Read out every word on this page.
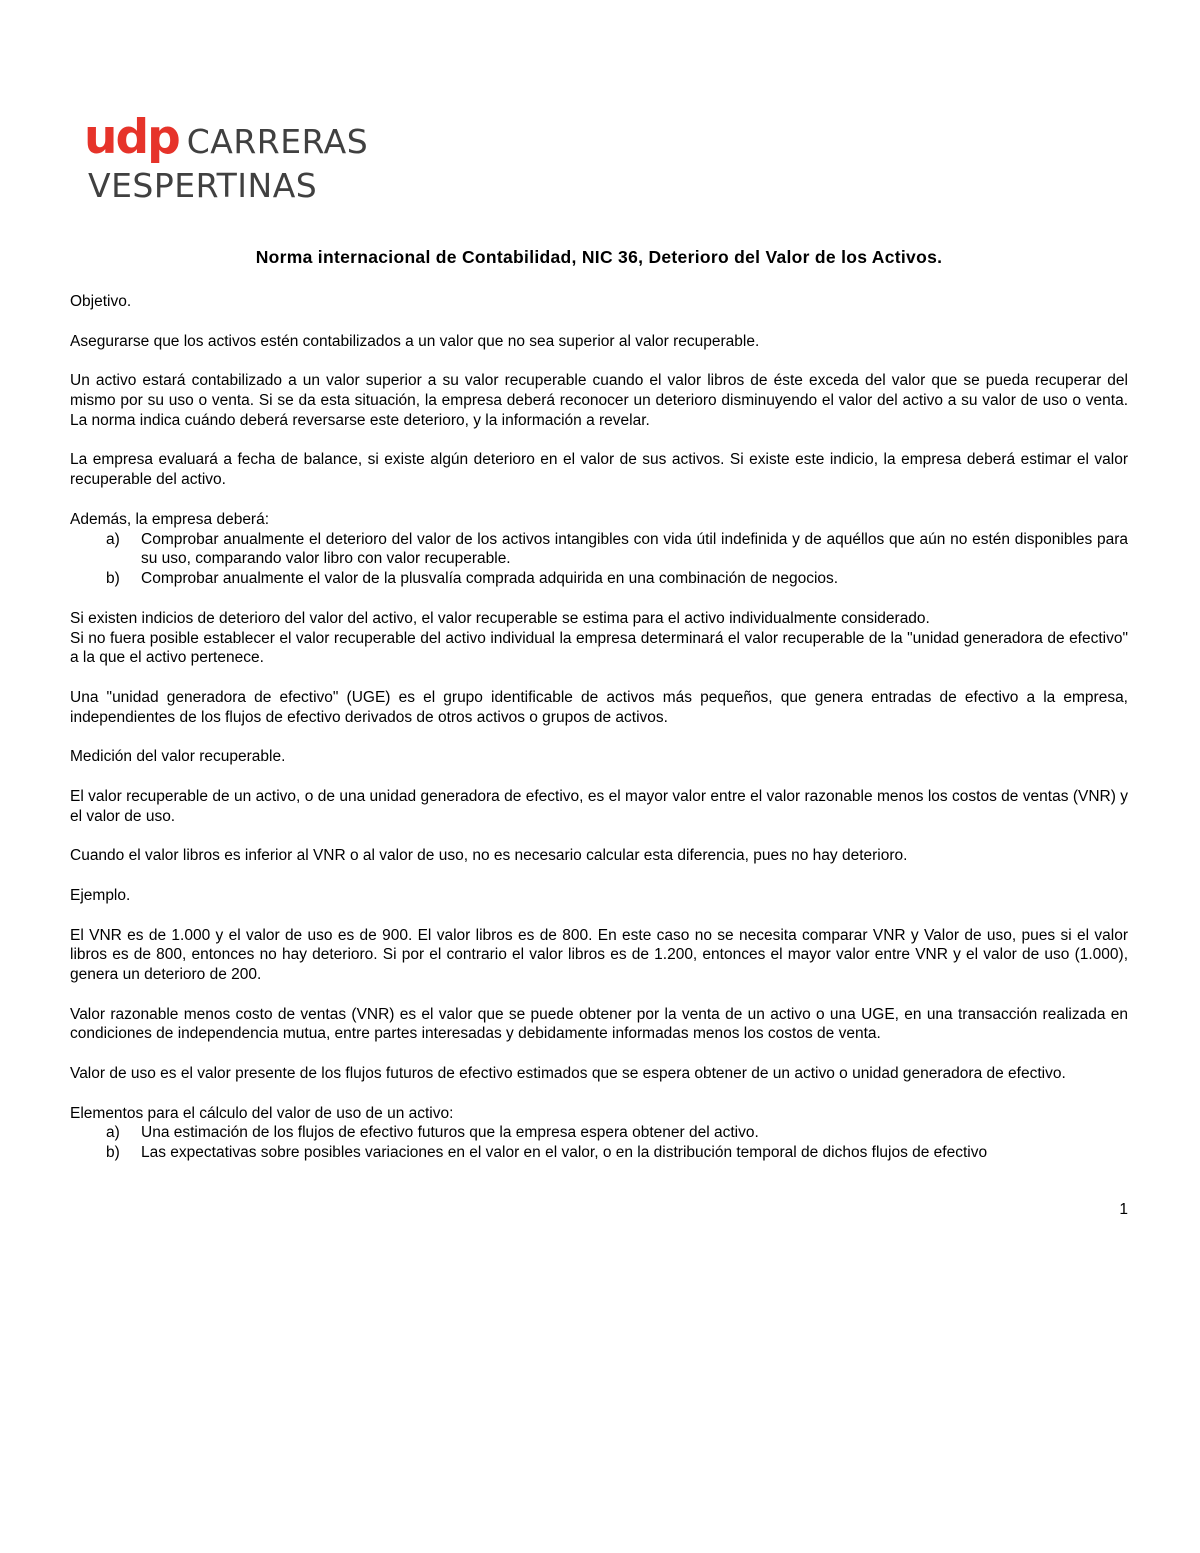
udp CARRERAS
VESPERTINAS
Norma internacional de Contabilidad, NIC 36, Deterioro del Valor de los Activos.

Objetivo.

Asegurarse que los activos estén contabilizados a un valor que no sea superior al valor recuperable.

Un activo estará contabilizado a un valor superior a su valor recuperable cuando el valor libros de éste exceda del valor que se pueda recuperar del mismo por su uso o venta. Si se da esta situación, la empresa deberá reconocer un deterioro disminuyendo el valor del activo a su valor de uso o venta. La norma indica cuándo deberá reversarse este deterioro, y la información a revelar.

La empresa evaluará a fecha de balance, si existe algún deterioro en el valor de sus activos. Si existe este indicio, la empresa deberá estimar el valor recuperable del activo.

Además, la empresa deberá:

a) Comprobar anualmente el deterioro del valor de los activos intangibles con vida útil indefinida y de aquéllos que aún no estén disponibles para su uso, comparando valor libro con valor recuperable.
b) Comprobar anualmente el valor de la plusvalía comprada adquirida en una combinación de negocios.

Si existen indicios de deterioro del valor del activo, el valor recuperable se estima para el activo individualmente considerado.

Si no fuera posible establecer el valor recuperable del activo individual la empresa determinará el valor recuperable de la "unidad generadora de efectivo" a la que el activo pertenece.

Una "unidad generadora de efectivo" (UGE) es el grupo identificable de activos más pequeños, que genera entradas de efectivo a la empresa, independientes de los flujos de efectivo derivados de otros activos o grupos de activos.

Medición del valor recuperable.

El valor recuperable de un activo, o de una unidad generadora de efectivo, es el mayor valor entre el valor razonable menos los costos de ventas (VNR) y el valor de uso.

Cuando el valor libros es inferior al VNR o al valor de uso, no es necesario calcular esta diferencia, pues no hay deterioro.

Ejemplo.

El VNR es de 1.000 y el valor de uso es de 900. El valor libros es de 800. En este caso no se necesita comparar VNR y Valor de uso, pues si el valor libros es de 800, entonces no hay deterioro. Si por el contrario el valor libros es de 1.200, entonces el mayor valor entre VNR y el valor de uso (1.000), genera un deterioro de 200.

Valor razonable menos costo de ventas (VNR) es el valor que se puede obtener por la venta de un activo o una UGE, en una transacción realizada en condiciones de independencia mutua, entre partes interesadas y debidamente informadas menos los costos de venta.

Valor de uso es el valor presente de los flujos futuros de efectivo estimados que se espera obtener de un activo o unidad generadora de efectivo.

Elementos para el cálculo del valor de uso de un activo:

a) Una estimación de los flujos de efectivo futuros que la empresa espera obtener del activo.
b) Las expectativas sobre posibles variaciones en el valor en el valor, o en la distribución temporal de dichos flujos de efectivo
1
